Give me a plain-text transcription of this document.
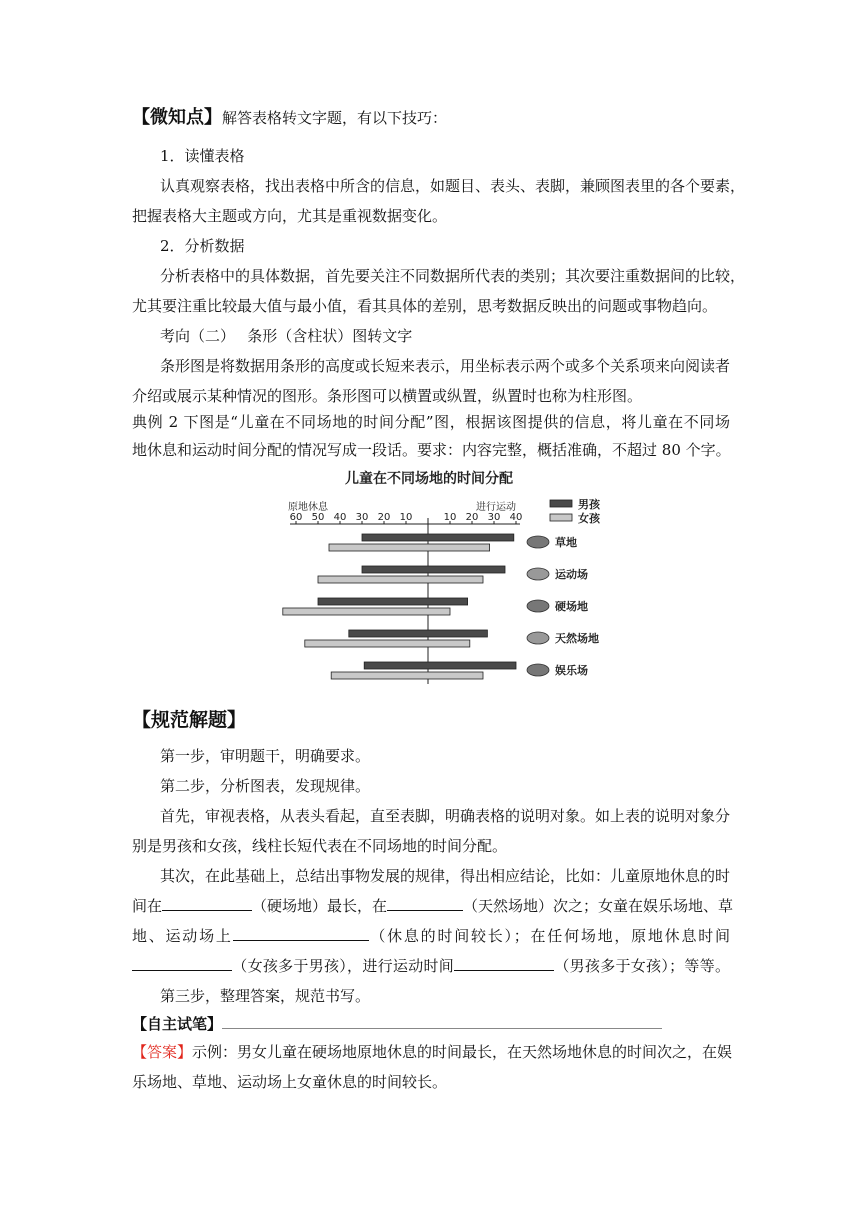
【微知点】解答表格转文字题，有以下技巧：
1．读懂表格
认真观察表格，找出表格中所含的信息，如题目、表头、表脚，兼顾图表里的各个要素，
把握表格大主题或方向，尤其是重视数据变化。
2．分析数据
分析表格中的具体数据，首先要关注不同数据所代表的类别；其次要注重数据间的比较，
尤其要注重比较最大值与最小值，看其具体的差别，思考数据反映出的问题或事物趋向。
考向（二）　 条形（含柱状）图转文字
条形图是将数据用条形的高度或长短来表示，用坐标表示两个或多个关系项来向阅读者
介绍或展示某种情况的图形。条形图可以横置或纵置，纵置时也称为柱形图。
典例 2 下图是“儿童在不同场地的时间分配”图，根据该图提供的信息，将儿童在不同场
地休息和运动时间分配的情况写成一段话。要求：内容完整，概括准确，不超过 80 个字。
儿童在不同场地的时间分配
原地休息	进行运动
60 50 40 30 20 10	10 20 30 40
男孩
女孩
草地
运动场
硬场地
天然场地
娱乐场
【规范解题】
第一步，审明题干，明确要求。
第二步，分析图表，发现规律。
首先，审视表格，从表头看起，直至表脚，明确表格的说明对象。如上表的说明对象分
别是男孩和女孩，线柱长短代表在不同场地的时间分配。
其次，在此基础上，总结出事物发展的规律，得出相应结论，比如：儿童原地休息的时
间在	（硬场地）最长，在	（天然场地）次之；女童在娱乐场地、草
地、运动场上	（休息的时间较长）；在任何场地，原地休息时间
（女孩多于男孩），进行运动时间	（男孩多于女孩）；等等。
第三步，整理答案，规范书写。
【自主试笔】
【答案】示例：男女儿童在硬场地原地休息的时间最长，在天然场地休息的时间次之，在娱
乐场地、草地、运动场上女童休息的时间较长。
